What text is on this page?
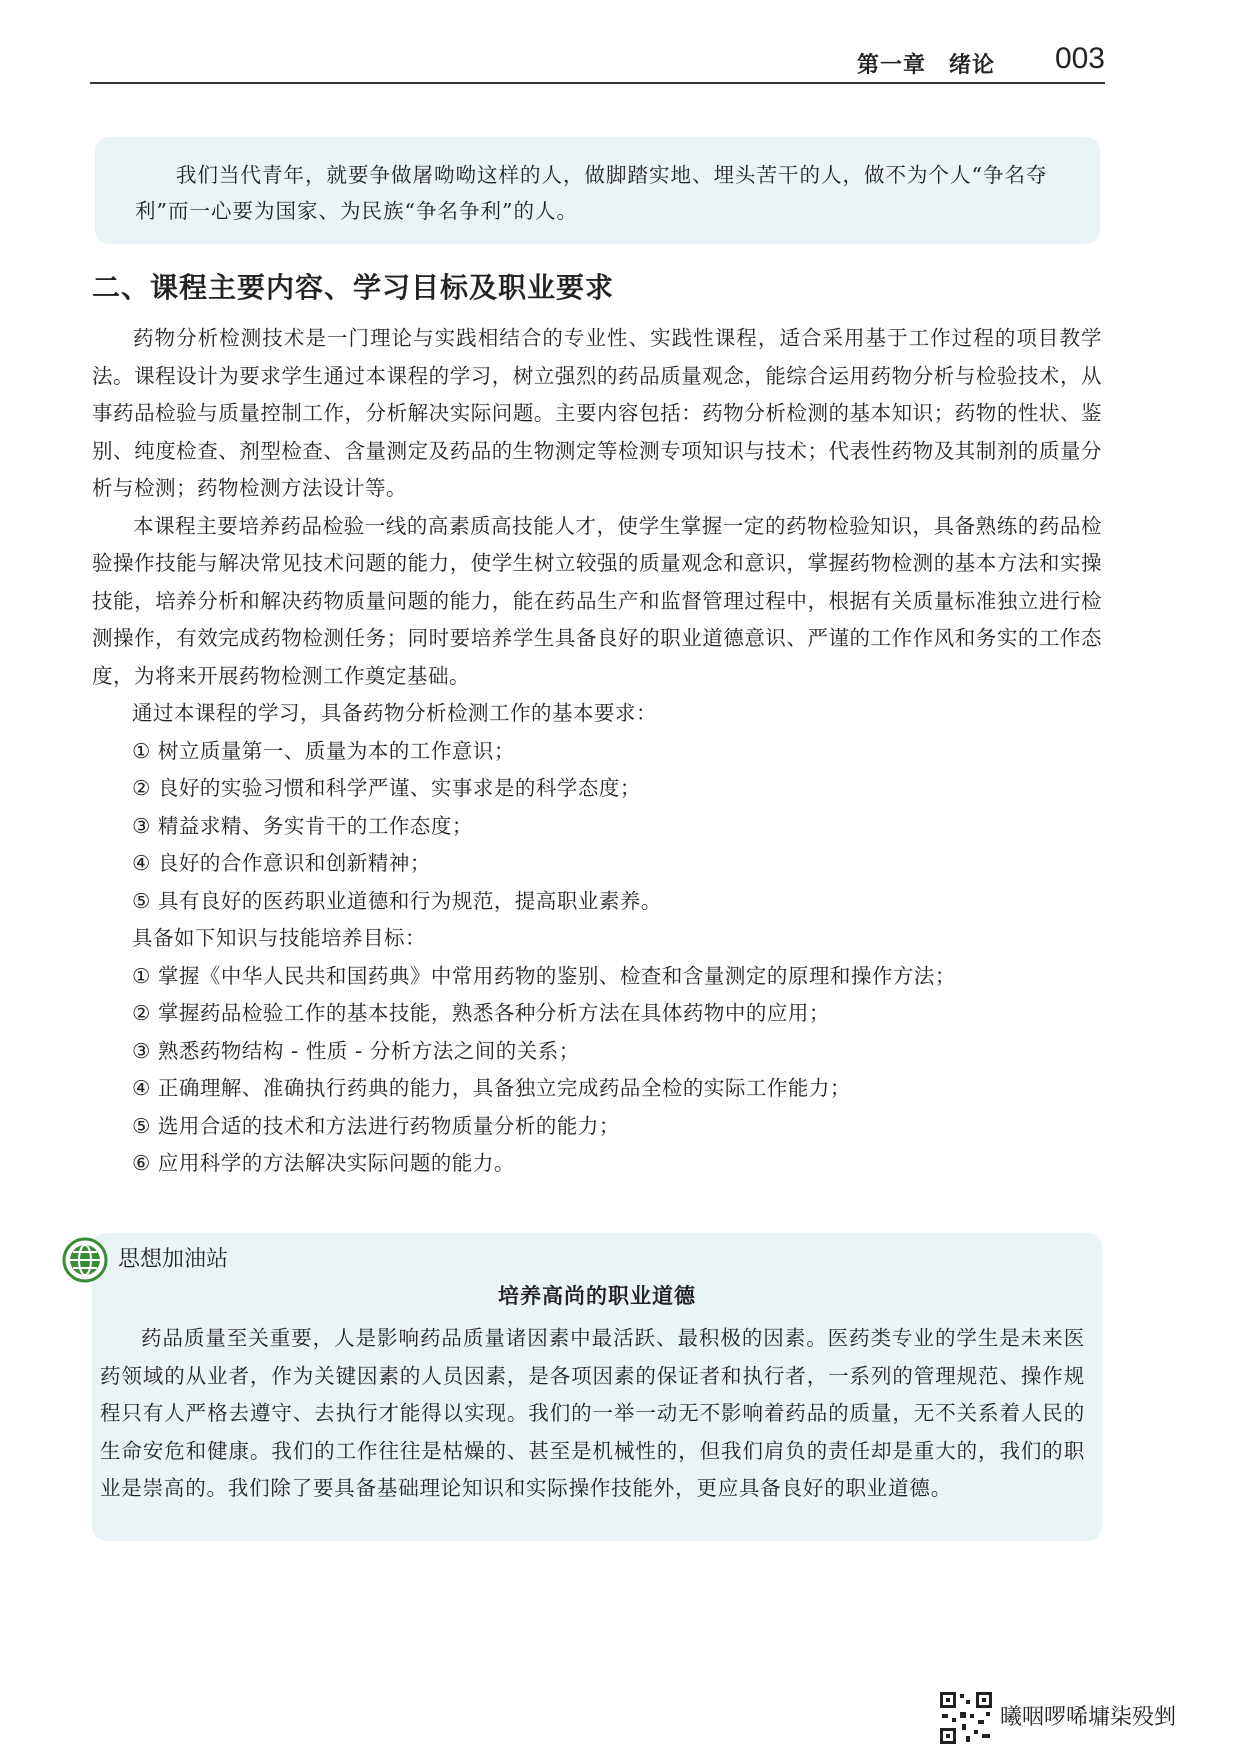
第一章　绪论 003

我们当代青年，就要争做屠呦呦这样的人，做脚踏实地、埋头苦干的人，做不为个人“争名夺利”而一心要为国家、为民族“争名争利”的人。

二、课程主要内容、学习目标及职业要求

药物分析检测技术是一门理论与实践相结合的专业性、实践性课程，适合采用基于工作过程的项目教学法。课程设计为要求学生通过本课程的学习，树立强烈的药品质量观念，能综合运用药物分析与检验技术，从事药品检验与质量控制工作，分析解决实际问题。主要内容包括：药物分析检测的基本知识；药物的性状、鉴别、纯度检查、剂型检查、含量测定及药品的生物测定等检测专项知识与技术；代表性药物及其制剂的质量分析与检测；药物检测方法设计等。

本课程主要培养药品检验一线的高素质高技能人才，使学生掌握一定的药物检验知识，具备熟练的药品检验操作技能与解决常见技术问题的能力，使学生树立较强的质量观念和意识，掌握药物检测的基本方法和实操技能，培养分析和解决药物质量问题的能力，能在药品生产和监督管理过程中，根据有关质量标准独立进行检测操作，有效完成药物检测任务；同时要培养学生具备良好的职业道德意识、严谨的工作作风和务实的工作态度，为将来开展药物检测工作奠定基础。

通过本课程的学习，具备药物分析检测工作的基本要求：

① 树立质量第一、质量为本的工作意识；

② 良好的实验习惯和科学严谨、实事求是的科学态度；

③ 精益求精、务实肯干的工作态度；

④ 良好的合作意识和创新精神；

⑤ 具有良好的医药职业道德和行为规范，提高职业素养。

具备如下知识与技能培养目标：

① 掌握《中华人民共和国药典》中常用药物的鉴别、检查和含量测定的原理和操作方法；

② 掌握药品检验工作的基本技能，熟悉各种分析方法在具体药物中的应用；

③ 熟悉药物结构 - 性质 - 分析方法之间的关系；

④ 正确理解、准确执行药典的能力，具备独立完成药品全检的实际工作能力；

⑤ 选用合适的技术和方法进行药物质量分析的能力；

⑥ 应用科学的方法解决实际问题的能力。

思想加油站
培养高尚的职业道德

药品质量至关重要，人是影响药品质量诸因素中最活跃、最积极的因素。医药类专业的学生是未来医药领域的从业者，作为关键因素的人员因素，是各项因素的保证者和执行者，一系列的管理规范、操作规程只有人严格去遵守、去执行才能得以实现。我们的一举一动无不影响着药品的质量，无不关系着人民的生命安危和健康。我们的工作往往是枯燥的、甚至是机械性的，但我们肩负的责任却是重大的，我们的职业是崇高的。我们除了要具备基础理论知识和实际操作技能外，更应具备良好的职业道德。

曦咽啰唏墉柒殁剉
